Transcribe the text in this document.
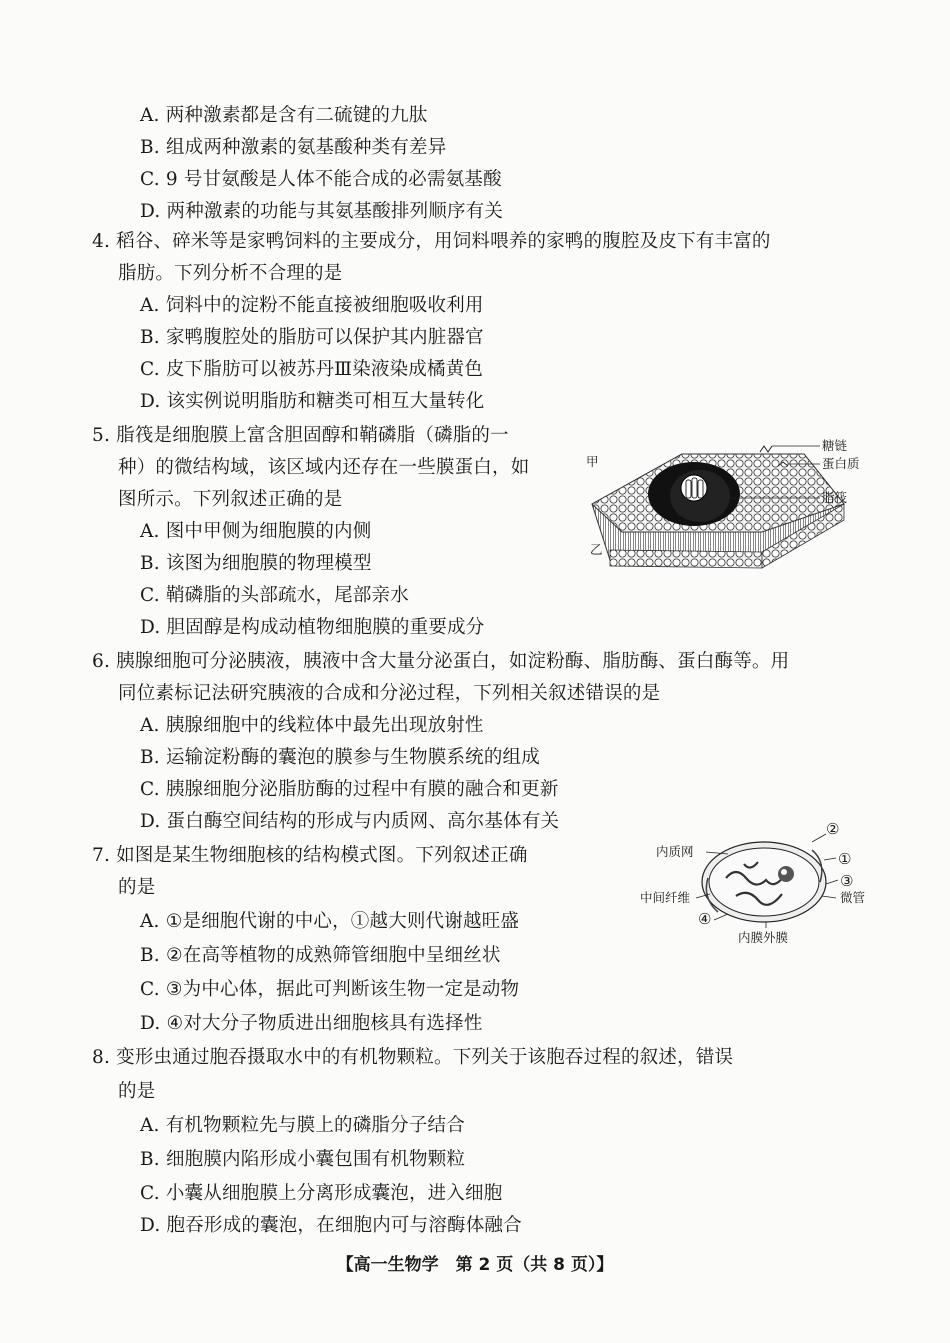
A. 两种激素都是含有二硫键的九肽
B. 组成两种激素的氨基酸种类有差异
C. 9 号甘氨酸是人体不能合成的必需氨基酸
D. 两种激素的功能与其氨基酸排列顺序有关
4. 稻谷、碎米等是家鸭饲料的主要成分，用饲料喂养的家鸭的腹腔及皮下有丰富的
脂肪。下列分析不合理的是
A. 饲料中的淀粉不能直接被细胞吸收利用
B. 家鸭腹腔处的脂肪可以保护其内脏器官
C. 皮下脂肪可以被苏丹Ⅲ染液染成橘黄色
D. 该实例说明脂肪和糖类可相互大量转化
5. 脂筏是细胞膜上富含胆固醇和鞘磷脂（磷脂的一
种）的微结构域，该区域内还存在一些膜蛋白，如
图所示。下列叙述正确的是
A. 图中甲侧为细胞膜的内侧
B. 该图为细胞膜的物理模型
C. 鞘磷脂的头部疏水，尾部亲水
D. 胆固醇是构成动植物细胞膜的重要成分
糖链
蛋白质
脂筏
甲
乙
6. 胰腺细胞可分泌胰液，胰液中含大量分泌蛋白，如淀粉酶、脂肪酶、蛋白酶等。用
同位素标记法研究胰液的合成和分泌过程，下列相关叙述错误的是
A. 胰腺细胞中的线粒体中最先出现放射性
B. 运输淀粉酶的囊泡的膜参与生物膜系统的组成
C. 胰腺细胞分泌脂肪酶的过程中有膜的融合和更新
D. 蛋白酶空间结构的形成与内质网、高尔基体有关
7. 如图是某生物细胞核的结构模式图。下列叙述正确
的是
A. ①是细胞代谢的中心，①越大则代谢越旺盛
B. ②在高等植物的成熟筛管细胞中呈细丝状
C. ③为中心体，据此可判断该生物一定是动物
D. ④对大分子物质进出细胞核具有选择性
内质网
中间纤维	微管
内膜外膜
②
①
③
④
8. 变形虫通过胞吞摄取水中的有机物颗粒。下列关于该胞吞过程的叙述，错误
的是
A. 有机物颗粒先与膜上的磷脂分子结合
B. 细胞膜内陷形成小囊包围有机物颗粒
C. 小囊从细胞膜上分离形成囊泡，进入细胞
D. 胞吞形成的囊泡，在细胞内可与溶酶体融合
【高一生物学　第 2 页（共 8 页）】
